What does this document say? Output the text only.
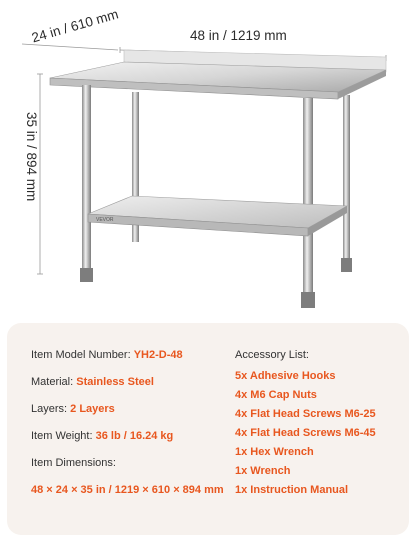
VEVOR
48 in / 1219 mm
24 in / 610 mm
35 in / 894 mm
Item Model Number: YH2-D-48
Material: Stainless Steel
Layers: 2 Layers
Item Weight: 36 lb / 16.24 kg
Item Dimensions:
48 × 24 × 35 in / 1219 × 610 × 894 mm
Accessory List:
5x Adhesive Hooks
4x M6 Cap Nuts
4x Flat Head Screws M6-25
4x Flat Head Screws M6-45
1x Hex Wrench
1x Wrench
1x Instruction Manual
